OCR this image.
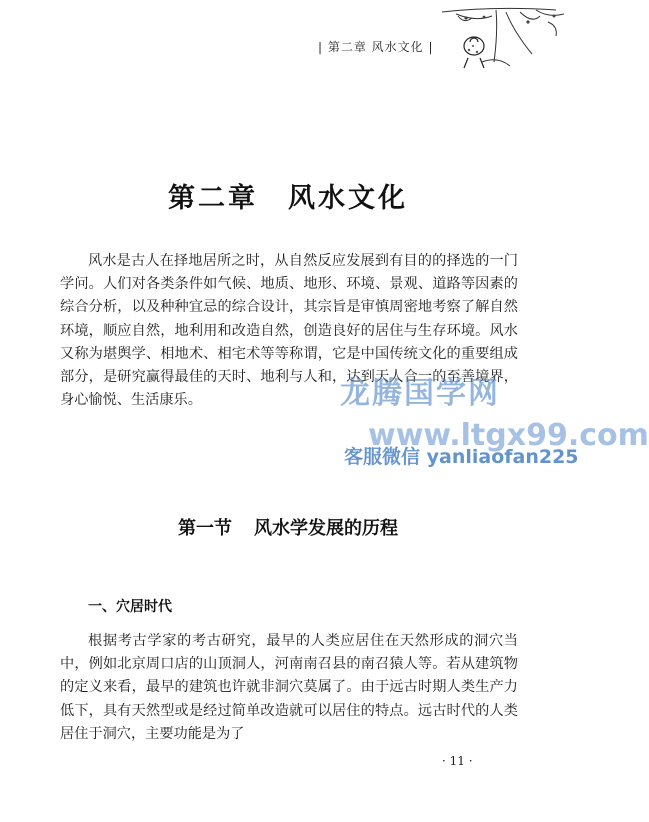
| 第二章 风水文化 |
第二章 风水文化

风水是古人在择地居所之时，从自然反应发展到有目的的择选的一门学问。人们对各类条件如气候、地质、地形、环境、景观、道路等因素的综合分析，以及种种宜忌的综合设计，其宗旨是审慎周密地考察了解自然环境，顺应自然，地利用和改造自然，创造良好的居住与生存环境。风水又称为堪舆学、相地术、相宅术等等称谓，它是中国传统文化的重要组成部分，是研究赢得最佳的天时、地利与人和，达到天人合一的至善境界，身心愉悦、生活康乐。

第一节 风水学发展的历程
一、穴居时代

根据考古学家的考古研究，最早的人类应居住在天然形成的洞穴当中，例如北京周口店的山顶洞人，河南南召县的南召猿人等。若从建筑物的定义来看，最早的建筑也许就非洞穴莫属了。由于远古时期人类生产力低下，具有天然型或是经过简单改造就可以居住的特点。远古时代的人类居住于洞穴，主要功能是为了

· 11 ·
龙腾国学网
www.ltgx99.com
客服微信 yanliaofan225
